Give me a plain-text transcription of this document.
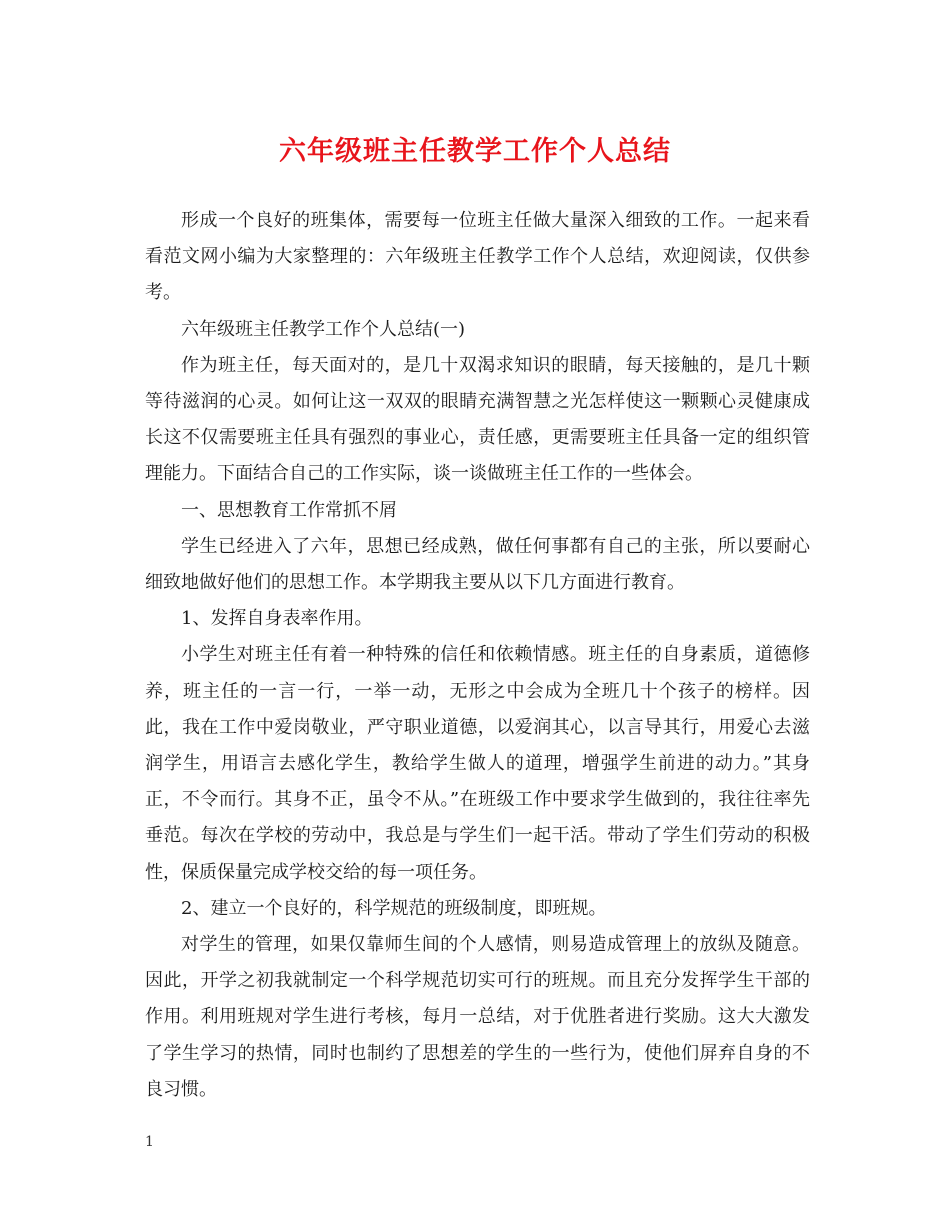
六年级班主任教学工作个人总结

形成一个良好的班集体，需要每一位班主任做大量深入细致的工作。一起来看看范文网小编为大家整理的：六年级班主任教学工作个人总结，欢迎阅读，仅供参考。

六年级班主任教学工作个人总结(一)

作为班主任，每天面对的，是几十双渴求知识的眼睛，每天接触的，是几十颗等待滋润的心灵。如何让这一双双的眼睛充满智慧之光怎样使这一颗颗心灵健康成长这不仅需要班主任具有强烈的事业心，责任感，更需要班主任具备一定的组织管理能力。下面结合自己的工作实际，谈一谈做班主任工作的一些体会。

一、思想教育工作常抓不屑

学生已经进入了六年，思想已经成熟，做任何事都有自己的主张，所以要耐心细致地做好他们的思想工作。本学期我主要从以下几方面进行教育。

1、发挥自身表率作用。

小学生对班主任有着一种特殊的信任和依赖情感。班主任的自身素质，道德修养，班主任的一言一行，一举一动，无形之中会成为全班几十个孩子的榜样。因此，我在工作中爱岗敬业，严守职业道德，以爱润其心，以言导其行，用爱心去滋润学生，用语言去感化学生，教给学生做人的道理，增强学生前进的动力。”其身正，不令而行。其身不正，虽令不从。”在班级工作中要求学生做到的，我往往率先垂范。每次在学校的劳动中，我总是与学生们一起干活。带动了学生们劳动的积极性，保质保量完成学校交给的每一项任务。

2、建立一个良好的，科学规范的班级制度，即班规。

对学生的管理，如果仅靠师生间的个人感情，则易造成管理上的放纵及随意。因此，开学之初我就制定一个科学规范切实可行的班规。而且充分发挥学生干部的作用。利用班规对学生进行考核，每月一总结，对于优胜者进行奖励。这大大激发了学生学习的热情，同时也制约了思想差的学生的一些行为，使他们屏弃自身的不良习惯。

1
